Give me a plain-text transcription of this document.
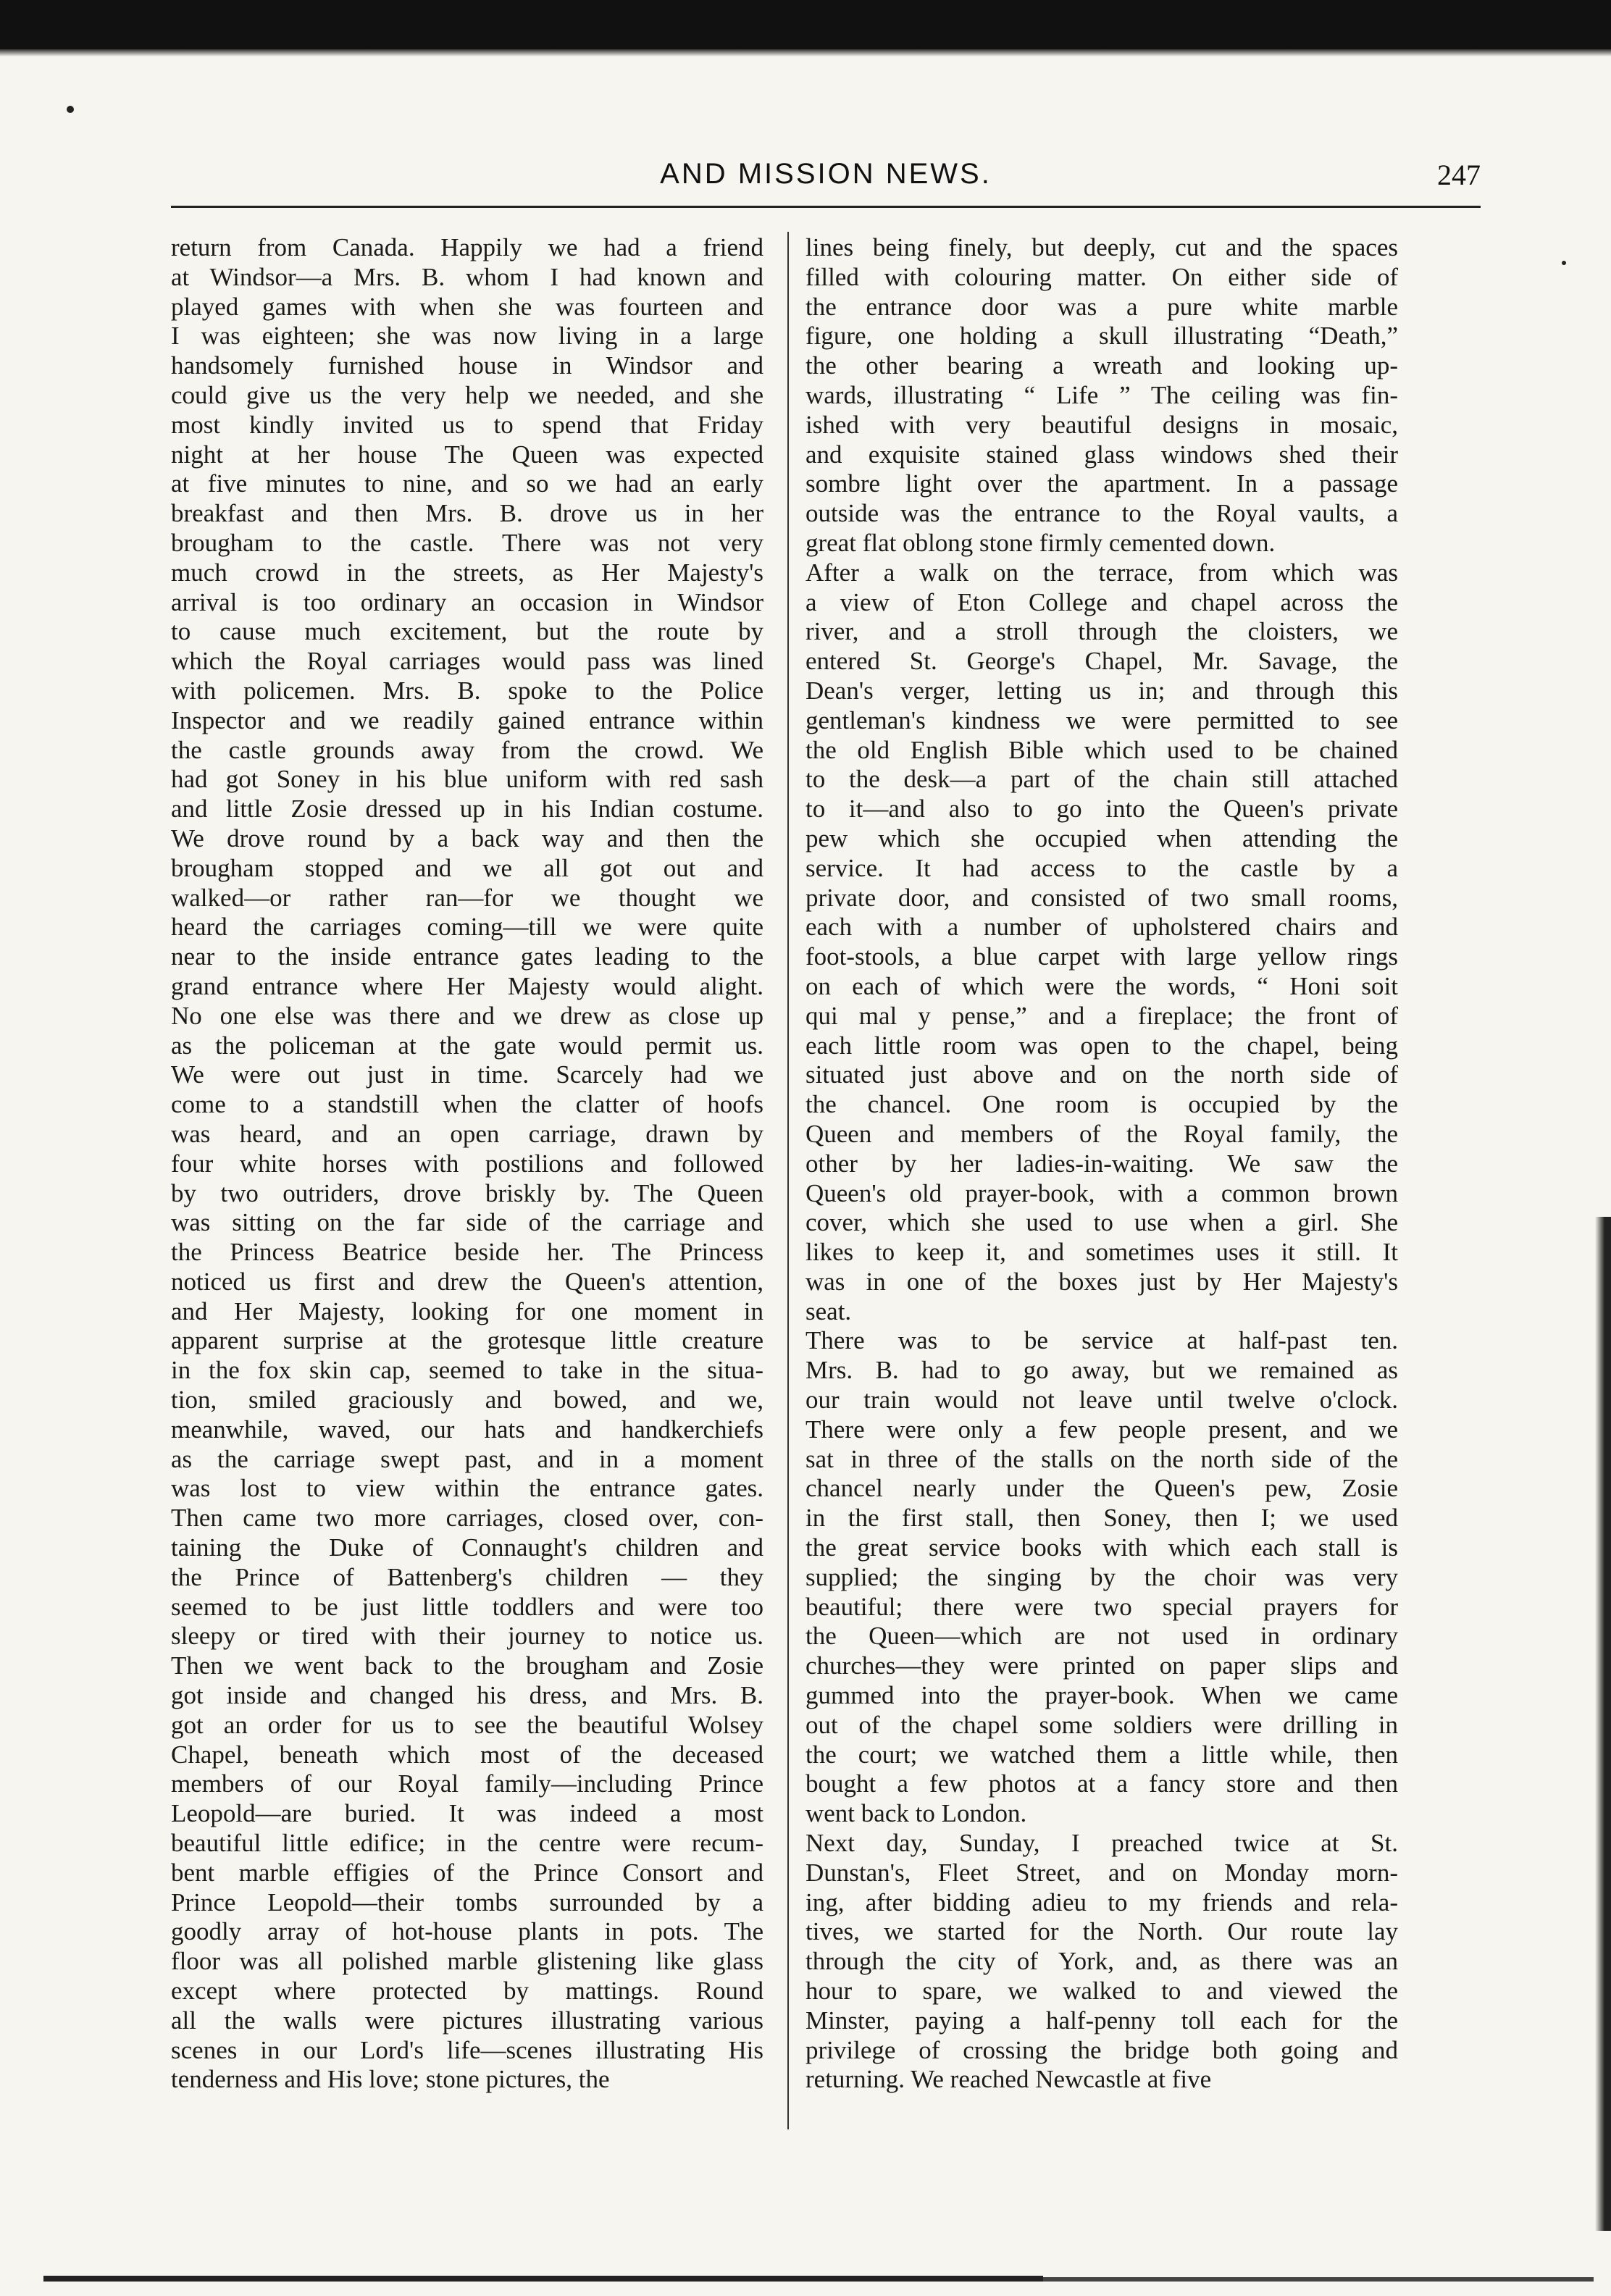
AND MISSION NEWS.	247
return from Canada. Happily we had a friend
at Windsor—a Mrs. B. whom I had known and
played games with when she was fourteen and
I was eighteen; she was now living in a large
handsomely furnished house in Windsor and
could give us the very help we needed, and she
most kindly invited us to spend that Friday
night at her house The Queen was expected
at five minutes to nine, and so we had an early
breakfast and then Mrs. B. drove us in her
brougham to the castle. There was not very
much crowd in the streets, as Her Majesty's
arrival is too ordinary an occasion in Windsor
to cause much excitement, but the route by
which the Royal carriages would pass was lined
with policemen. Mrs. B. spoke to the Police
Inspector and we readily gained entrance within
the castle grounds away from the crowd. We
had got Soney in his blue uniform with red sash
and little Zosie dressed up in his Indian costume.
We drove round by a back way and then the
brougham stopped and we all got out and
walked—or rather ran—for we thought we
heard the carriages coming—till we were quite
near to the inside entrance gates leading to the
grand entrance where Her Majesty would alight.
No one else was there and we drew as close up
as the policeman at the gate would permit us.
We were out just in time. Scarcely had we
come to a standstill when the clatter of hoofs
was heard, and an open carriage, drawn by
four white horses with postilions and followed
by two outriders, drove briskly by. The Queen
was sitting on the far side of the carriage and
the Princess Beatrice beside her. The Princess
noticed us first and drew the Queen's attention,
and Her Majesty, looking for one moment in
apparent surprise at the grotesque little creature
in the fox skin cap, seemed to take in the situa-
tion, smiled graciously and bowed, and we,
meanwhile, waved, our hats and handkerchiefs
as the carriage swept past, and in a moment
was lost to view within the entrance gates.
Then came two more carriages, closed over, con-
taining the Duke of Connaught's children and
the Prince of Battenberg's children — they
seemed to be just little toddlers and were too
sleepy or tired with their journey to notice us.
Then we went back to the brougham and Zosie
got inside and changed his dress, and Mrs. B.
got an order for us to see the beautiful Wolsey
Chapel, beneath which most of the deceased
members of our Royal family—including Prince
Leopold—are buried. It was indeed a most
beautiful little edifice; in the centre were recum-
bent marble effigies of the Prince Consort and
Prince Leopold—their tombs surrounded by a
goodly array of hot-house plants in pots. The
floor was all polished marble glistening like glass
except where protected by mattings. Round
all the walls were pictures illustrating various
scenes in our Lord's life—scenes illustrating His
tenderness and His love; stone pictures, the
lines being finely, but deeply, cut and the spaces
filled with colouring matter. On either side of
the entrance door was a pure white marble
figure, one holding a skull illustrating “Death,”
the other bearing a wreath and looking up-
wards, illustrating “ Life ” The ceiling was fin-
ished with very beautiful designs in mosaic,
and exquisite stained glass windows shed their
sombre light over the apartment. In a passage
outside was the entrance to the Royal vaults, a
great flat oblong stone firmly cemented down.
After a walk on the terrace, from which was
a view of Eton College and chapel across the
river, and a stroll through the cloisters, we
entered St. George's Chapel, Mr. Savage, the
Dean's verger, letting us in; and through this
gentleman's kindness we were permitted to see
the old English Bible which used to be chained
to the desk—a part of the chain still attached
to it—and also to go into the Queen's private
pew which she occupied when attending the
service. It had access to the castle by a
private door, and consisted of two small rooms,
each with a number of upholstered chairs and
foot-stools, a blue carpet with large yellow rings
on each of which were the words, “ Honi soit
qui mal y pense,” and a fireplace; the front of
each little room was open to the chapel, being
situated just above and on the north side of
the chancel. One room is occupied by the
Queen and members of the Royal family, the
other by her ladies-in-waiting. We saw the
Queen's old prayer-book, with a common brown
cover, which she used to use when a girl. She
likes to keep it, and sometimes uses it still. It
was in one of the boxes just by Her Majesty's
seat.
There was to be service at half-past ten.
Mrs. B. had to go away, but we remained as
our train would not leave until twelve o'clock.
There were only a few people present, and we
sat in three of the stalls on the north side of the
chancel nearly under the Queen's pew, Zosie
in the first stall, then Soney, then I; we used
the great service books with which each stall is
supplied; the singing by the choir was very
beautiful; there were two special prayers for
the Queen—which are not used in ordinary
churches—they were printed on paper slips and
gummed into the prayer-book. When we came
out of the chapel some soldiers were drilling in
the court; we watched them a little while, then
bought a few photos at a fancy store and then
went back to London.
Next day, Sunday, I preached twice at St.
Dunstan's, Fleet Street, and on Monday morn-
ing, after bidding adieu to my friends and rela-
tives, we started for the North. Our route lay
through the city of York, and, as there was an
hour to spare, we walked to and viewed the
Minster, paying a half-penny toll each for the
privilege of crossing the bridge both going and
returning. We reached Newcastle at five
